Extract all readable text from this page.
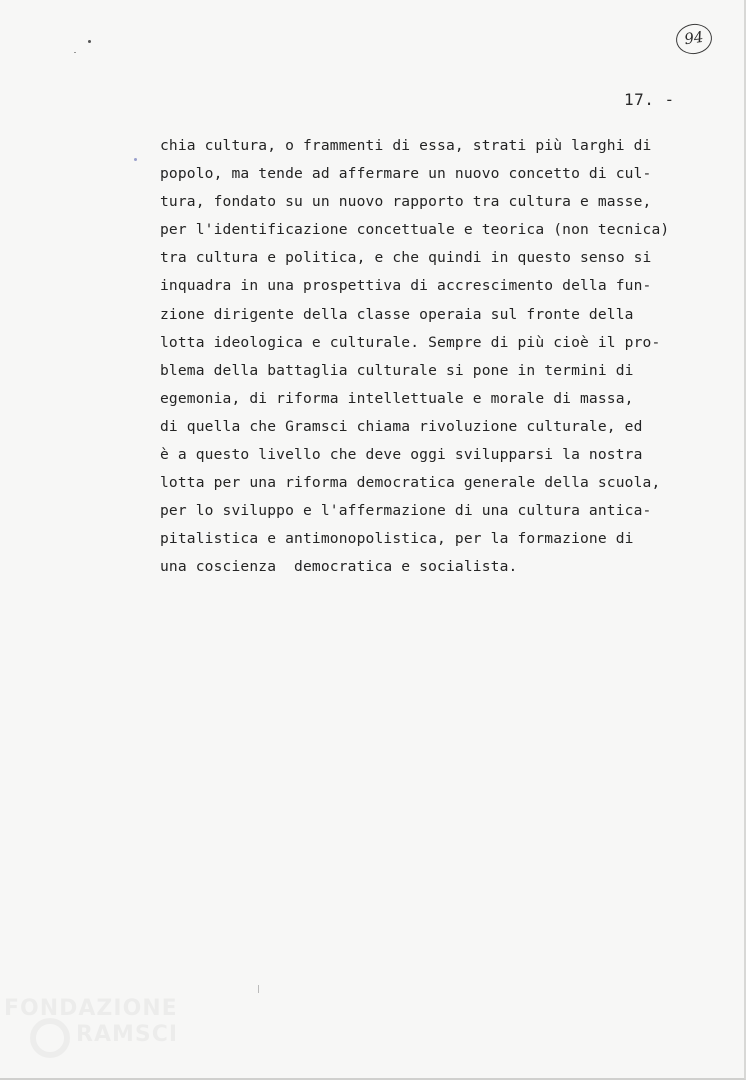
94
17. -
chia cultura, o frammenti di essa, strati più larghi di
popolo, ma tende ad affermare un nuovo concetto di cul-
tura, fondato su un nuovo rapporto tra cultura e masse,
per l'identificazione concettuale e teorica (non tecnica)
tra cultura e politica, e che quindi in questo senso si
inquadra in una prospettiva di accrescimento della fun-
zione dirigente della classe operaia sul fronte della
lotta ideologica e culturale. Sempre di più cioè il pro-
blema della battaglia culturale si pone in termini di
egemonia, di riforma intellettuale e morale di massa,
di quella che Gramsci chiama rivoluzione culturale, ed
è a questo livello che deve oggi svilupparsi la nostra
lotta per una riforma democratica generale della scuola,
per lo sviluppo e l'affermazione di una cultura antica-
pitalistica e antimonopolistica, per la formazione di
una coscienza  democratica e socialista.
